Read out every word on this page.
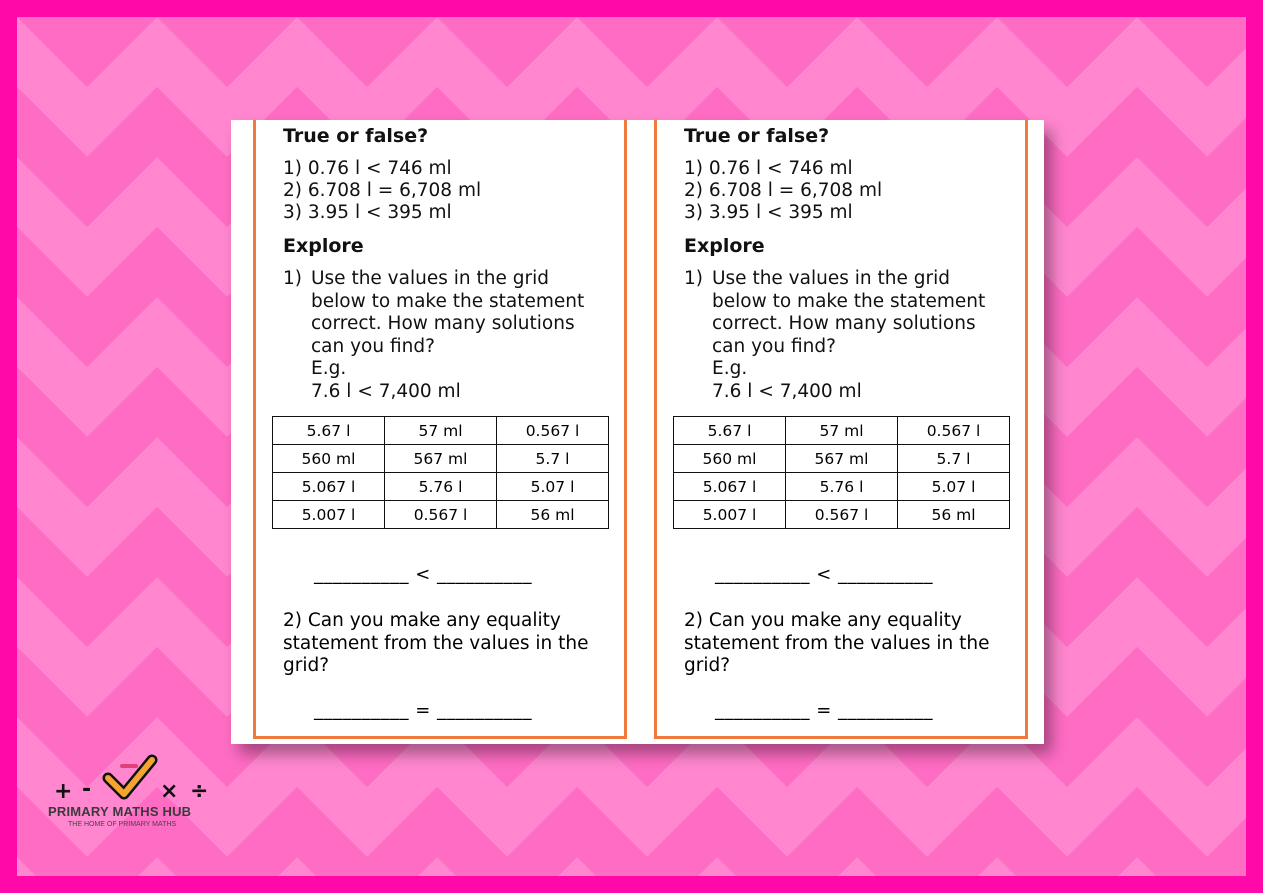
True or false?

1) 0.76 l < 746 ml

2) 6.708 l = 6,708 ml

3) 3.95 l < 395 ml

Explore
1) Use the values in the grid
below to make the statement
correct. How many solutions
can you find?
E.g.
7.6 l < 7,400 ml
5.67 l	57 ml	0.567 l
560 ml	567 ml	5.7 l
5.067 l	5.76 l	5.07 l
5.007 l	0.567 l	56 ml
__________ < __________
2) Can you make any equality statement from the values in the grid?
__________ = __________
True or false?

1) 0.76 l < 746 ml

2) 6.708 l = 6,708 ml

3) 3.95 l < 395 ml

Explore
1) Use the values in the grid
below to make the statement
correct. How many solutions
can you find?
E.g.
7.6 l < 7,400 ml
5.67 l	57 ml	0.567 l
560 ml	567 ml	5.7 l
5.067 l	5.76 l	5.07 l
5.007 l	0.567 l	56 ml
__________ < __________
2) Can you make any equality statement from the values in the grid?
__________ = __________
+ -	× ÷
PRIMARY MATHS HUB
THE HOME OF PRIMARY MATHS
